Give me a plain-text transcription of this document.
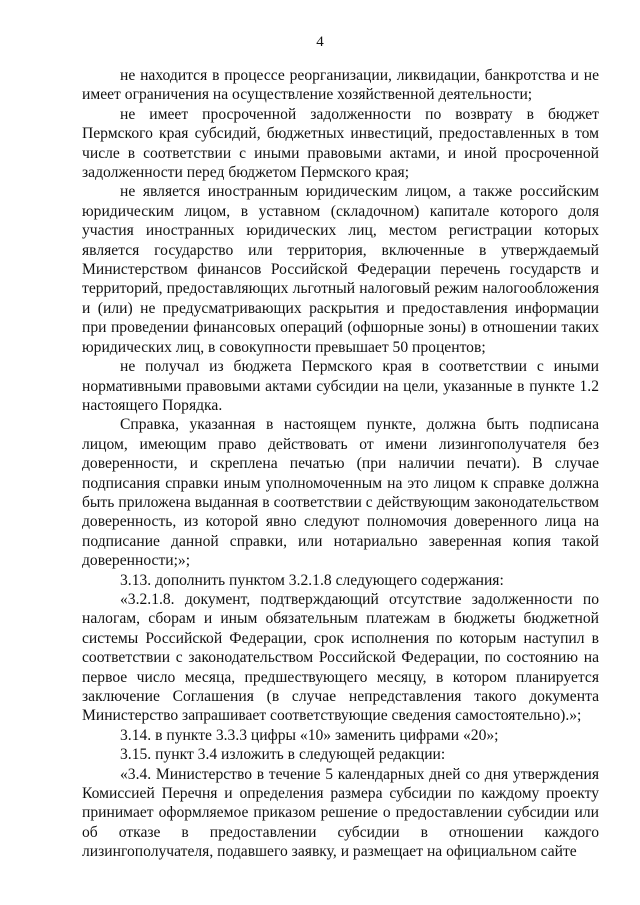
4

не находится в процессе реорганизации, ликвидации, банкротства и не имеет ограничения на осуществление хозяйственной деятельности;

не имеет просроченной задолженности по возврату в бюджет Пермского края субсидий, бюджетных инвестиций, предоставленных в том числе в соответствии с иными правовыми актами, и иной просроченной задолженности перед бюджетом Пермского края;

не является иностранным юридическим лицом, а также российским юридическим лицом, в уставном (складочном) капитале которого доля участия иностранных юридических лиц, местом регистрации которых является государство или территория, включенные в утверждаемый Министерством финансов Российской Федерации перечень государств и территорий, предоставляющих льготный налоговый режим налогообложения и (или) не предусматривающих раскрытия и предоставления информации при проведении финансовых операций (офшорные зоны) в отношении таких юридических лиц, в совокупности превышает 50 процентов;

не получал из бюджета Пермского края в соответствии с иными нормативными правовыми актами субсидии на цели, указанные в пункте 1.2 настоящего Порядка.

Справка, указанная в настоящем пункте, должна быть подписана лицом, имеющим право действовать от имени лизингополучателя без доверенности, и скреплена печатью (при наличии печати). В случае подписания справки иным уполномоченным на это лицом к справке должна быть приложена выданная в соответствии с действующим законодательством доверенность, из которой явно следуют полномочия доверенного лица на подписание данной справки, или нотариально заверенная копия такой доверенности;»;

3.13. дополнить пунктом 3.2.1.8 следующего содержания:

«3.2.1.8. документ, подтверждающий отсутствие задолженности по налогам, сборам и иным обязательным платежам в бюджеты бюджетной системы Российской Федерации, срок исполнения по которым наступил в соответствии с законодательством Российской Федерации, по состоянию на первое число месяца, предшествующего месяцу, в котором планируется заключение Соглашения (в случае непредставления такого документа Министерство запрашивает соответствующие сведения самостоятельно).»;

3.14. в пункте 3.3.3 цифры «10» заменить цифрами «20»;

3.15. пункт 3.4 изложить в следующей редакции:

«3.4. Министерство в течение 5 календарных дней со дня утверждения Комиссией Перечня и определения размера субсидии по каждому проекту принимает оформляемое приказом решение о предоставлении субсидии или об отказе в предоставлении субсидии в отношении каждого лизингополучателя, подавшего заявку, и размещает на официальном сайте
